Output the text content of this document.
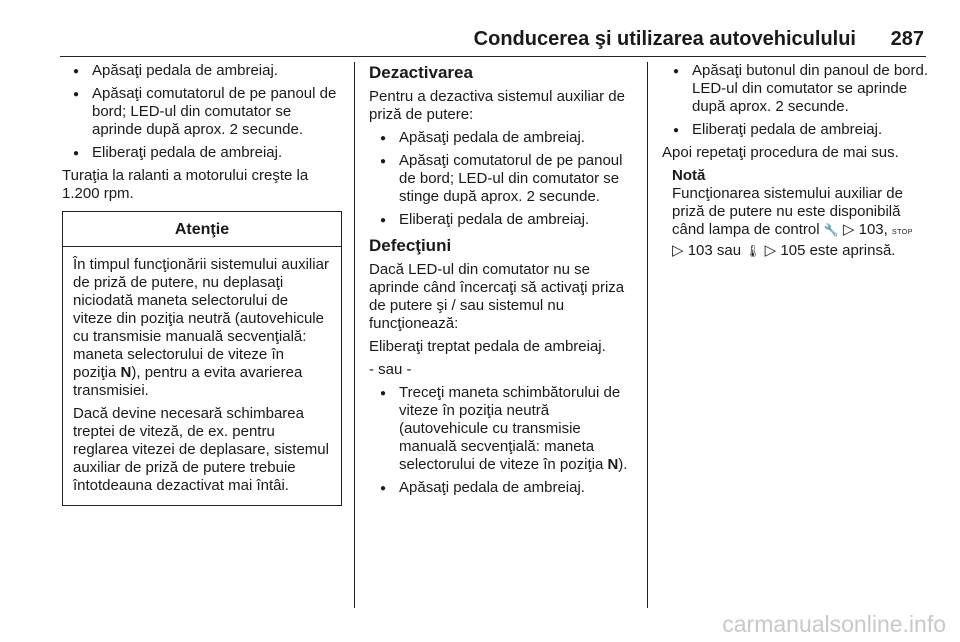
Conducerea şi utilizarea autovehiculului 287
● Apăsaţi pedala de ambreiaj.
● Apăsaţi comutatorul de pe panoul de bord; LED-ul din comutator se aprinde după aprox. 2 secunde.
● Eliberaţi pedala de ambreiaj.

Turaţia la ralanti a motorului creşte la 1.200 rpm.

Atenţie

În timpul funcţionării sistemului auxiliar de priză de putere, nu deplasaţi niciodată maneta selectorului de viteze din poziţia neutră (autovehicule cu transmisie manuală secvenţială: maneta selectorului de viteze în poziţia N), pentru a evita avarierea transmisiei.

Dacă devine necesară schimbarea treptei de viteză, de ex. pentru reglarea vitezei de deplasare, sistemul auxiliar de priză de putere trebuie întotdeauna dezactivat mai întâi.

Dezactivarea

Pentru a dezactiva sistemul auxiliar de priză de putere:

● Apăsaţi pedala de ambreiaj.
● Apăsaţi comutatorul de pe panoul de bord; LED-ul din comutator se stinge după aprox. 2 secunde.
● Eliberaţi pedala de ambreiaj.
Defecţiuni

Dacă LED-ul din comutator nu se aprinde când încercaţi să activaţi priza de putere şi / sau sistemul nu funcţionează:

Eliberaţi treptat pedala de ambreiaj.

- sau -

● Treceţi maneta schimbătorului de viteze în poziţia neutră (autovehicule cu transmisie manuală secvenţială: maneta selectorului de viteze în poziţia N).
● Apăsaţi pedala de ambreiaj.
● Apăsaţi butonul din panoul de bord. LED-ul din comutator se aprinde după aprox. 2 secunde.
● Eliberaţi pedala de ambreiaj.

Apoi repetaţi procedura de mai sus.

Notă

Funcţionarea sistemului auxiliar de priză de putere nu este disponibilă când lampa de control 🔧 ▷ 103, STOP
▷ 103 sau 🌡 ▷ 105 este aprinsă.

carmanualsonline.info
